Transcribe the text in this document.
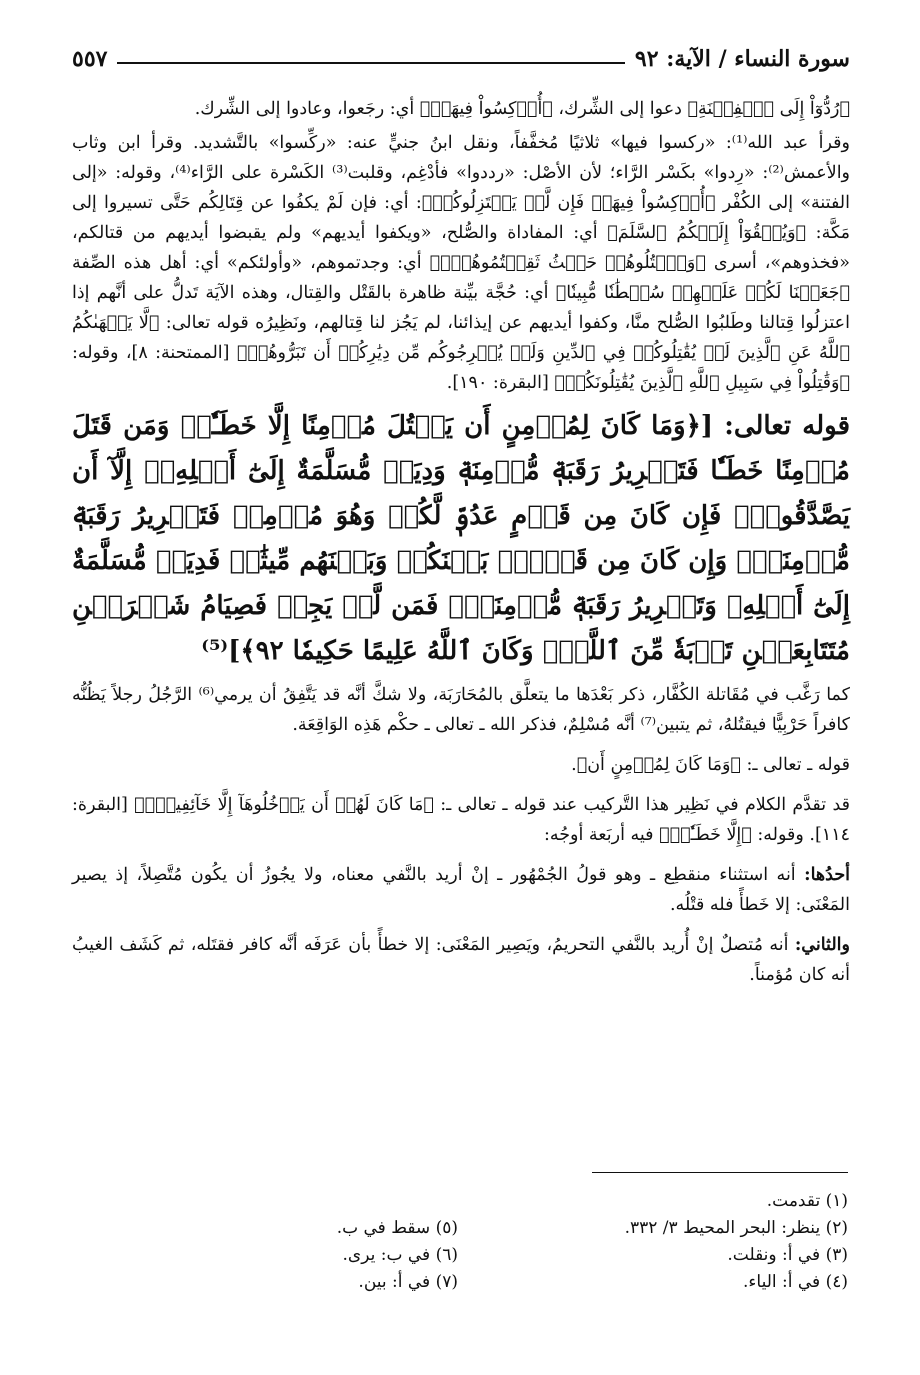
سورة النساء / الآية: ٩٢
٥٥٧

﴿رُدُّوٓاْ إِلَى ٱلۡفِتۡنَةِ﴾ دعوا إلى الشِّرك، ﴿أُرۡكِسُواْ فِيهَاۚ﴾ أي: رجَعوا، وعادوا إلى الشِّرك.

وقرأ عبد الله⁽¹⁾: «ركسوا فيها» ثلاثيًا مُخفَّفاً، ونقل ابنُ جنيٍّ عنه: «ركِّسوا» بالتَّشديد. وقرأ ابن وثاب والأعمش⁽²⁾: «رِدوا» بكَسْر الرَّاء؛ لأن الأصْل: «رددوا» فأدْغِم، وقلبت⁽³⁾ الكَسْرة على الرَّاء⁽⁴⁾، وقوله: «إلى الفتنة» إلى الكُفْر ﴿أُرۡكِسُواْ فِيهَاۚ فَإِن لَّمۡ يَعۡتَزِلُوكُمۡ﴾: أي: فإن لَمْ يكفُوا عن قِتَالِكُم حَتَّى تسيروا إلى مَكَّة: ﴿وَيُلۡقُوٓاْ إِلَيۡكُمُ ٱلسَّلَمَ﴾ أي: المفاداة والصُّلح، «ويكفوا أيديهم» ولم يقبضوا أيديهم من قتالكم، «فخذوهم»، أسرى ﴿وَٱقۡتُلُوهُمۡ حَيۡثُ ثَقِفۡتُمُوهُمۡۚ﴾ أي: وجدتموهم، «وأولئكم» أي: أهل هذه الصِّفة ﴿جَعَلۡنَا لَكُمۡ عَلَيۡهِمۡ سُلۡطَٰنٗا مُّبِينٗا﴾ أي: حُجَّة بيِّنة ظاهرة بالقَتْل والقِتال، وهذه الآيَة تَدلُّ على أنَّهم إذا اعتزلُوا قِتالنا وطَلبُوا الصُّلح منَّا، وكفوا أيديهم عن إيذائنا، لم يَجُز لنا قِتالهم، ونَظِيرُه قوله تعالى: ﴿لَّا يَنۡهَىٰكُمُ ٱللَّهُ عَنِ ٱلَّذِينَ لَمۡ يُقَٰتِلُوكُمۡ فِي ٱلدِّينِ وَلَمۡ يُخۡرِجُوكُم مِّن دِيَٰرِكُمۡ أَن تَبَرُّوهُمۡ﴾ [الممتحنة: ٨]، وقوله: ﴿وَقَٰتِلُواْ فِي سَبِيلِ ٱللَّهِ ٱلَّذِينَ يُقَٰتِلُونَكُمۡ﴾ [البقرة: ١٩٠].

قوله تعالى: [﴿وَمَا كَانَ لِمُؤۡمِنٍ أَن يَقۡتُلَ مُؤۡمِنًا إِلَّا خَطَـٔٗاۚ وَمَن قَتَلَ مُؤۡمِنًا خَطَـٔٗا فَتَحۡرِيرُ رَقَبَةٖ مُّؤۡمِنَةٖ وَدِيَةٞ مُّسَلَّمَةٌ إِلَىٰٓ أَهۡلِهِۦٓ إِلَّآ أَن يَصَّدَّقُواْۚ فَإِن كَانَ مِن قَوۡمٍ عَدُوّٖ لَّكُمۡ وَهُوَ مُؤۡمِنٞ فَتَحۡرِيرُ رَقَبَةٖ مُّؤۡمِنَةٖۖ وَإِن كَانَ مِن قَوۡمِۭ بَيۡنَكُمۡ وَبَيۡنَهُم مِّيثَٰقٞ فَدِيَةٞ مُّسَلَّمَةٌ إِلَىٰٓ أَهۡلِهِۦ وَتَحۡرِيرُ رَقَبَةٖ مُّؤۡمِنَةٖۖ فَمَن لَّمۡ يَجِدۡ فَصِيَامُ شَهۡرَيۡنِ مُتَتَابِعَيۡنِ تَوۡبَةٗ مِّنَ ٱللَّهِۗ وَكَانَ ٱللَّهُ عَلِيمًا حَكِيمٗا ٩٢﴾]⁽⁵⁾

كما رَغَّب في مُقَاتلة الكُفَّار، ذكر بَعْدَها ما يتعلَّق بالمُحَارَبَة، ولا شكَّ أنَّه قد يَتَّفِقُ أن يرمي⁽⁶⁾ الرَّجُلُ رجلاً يَظُنُّه كافراً حَرْبِيًّا فيقتُلهُ، ثم يتبين⁽⁷⁾ أنَّه مُسْلِمٌ، فذكر الله ـ تعالى ـ حكْم هَذِه الوَاقِعَة.

قوله ـ تعالى ـ: ﴿وَمَا كَانَ لِمُؤۡمِنٍ أَن﴾.

قد تقدَّم الكلام في نَظِير هذا التَّركيب عند قوله ـ تعالى ـ: ﴿مَا كَانَ لَهُمۡ أَن يَدۡخُلُوهَآ إِلَّا خَآئِفِينَۚ﴾ [البقرة: ١١٤]. وقوله: ﴿إِلَّا خَطَـٔٗاۚ﴾ فيه أربَعة أوجُه:

أحدُها: أنه استثناء منقطِع ـ وهو قولُ الجُمْهُور ـ إنْ أريد بالنَّفي معناه، ولا يجُوزُ أن يكُون مُتَّصِلاً، إذ يصير المَعْنَى: إلا خَطأً فله قتْلُه.

والثاني: أنه مُتصلٌ إنْ أُريد بالنَّفي التحريمُ، ويَصِير المَعْنَى: إلا خطأً بأن عَرَفَه أنَّه كافر فقتَله، ثم كَشَف الغيبُ أنه كان مُؤمناً.

(١) تقدمت.
(٢) ينظر: البحر المحيط ٣/ ٣٣٢.
(٣) في أ: ونقلت.
(٤) في أ: الياء.
(٥) سقط في ب.
(٦) في ب: يرى.
(٧) في أ: بين.
